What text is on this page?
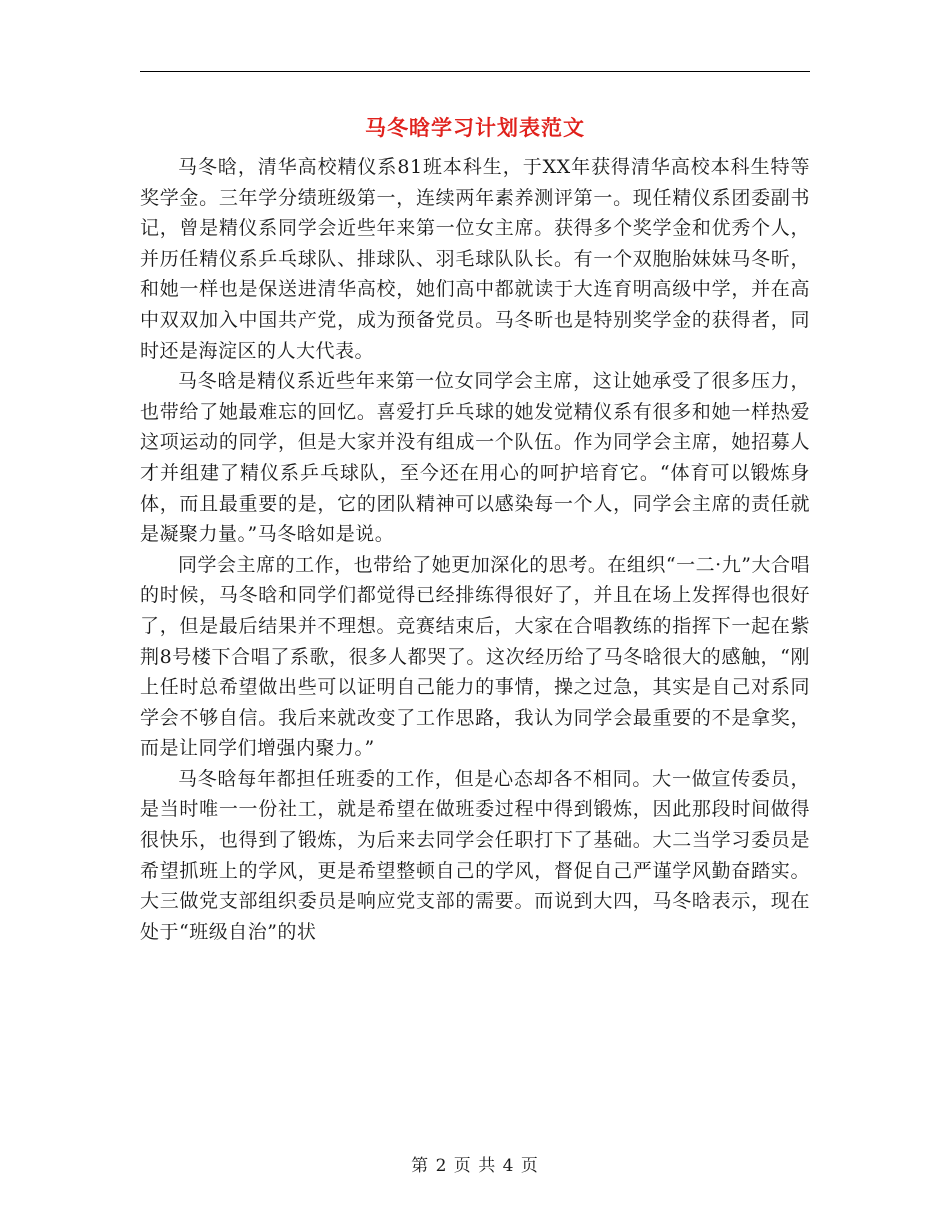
马冬晗学习计划表范文

马冬晗，清华高校精仪系81班本科生，于XX年获得清华高校本科生特等奖学金。三年学分绩班级第一，连续两年素养测评第一。现任精仪系团委副书记，曾是精仪系同学会近些年来第一位女主席。获得多个奖学金和优秀个人，并历任精仪系乒乓球队、排球队、羽毛球队队长。有一个双胞胎妹妹马冬昕，和她一样也是保送进清华高校，她们高中都就读于大连育明高级中学，并在高中双双加入中国共产党，成为预备党员。马冬昕也是特别奖学金的获得者，同时还是海淀区的人大代表。

马冬晗是精仪系近些年来第一位女同学会主席，这让她承受了很多压力，也带给了她最难忘的回忆。喜爱打乒乓球的她发觉精仪系有很多和她一样热爱这项运动的同学，但是大家并没有组成一个队伍。作为同学会主席，她招募人才并组建了精仪系乒乓球队，至今还在用心的呵护培育它。“体育可以锻炼身体，而且最重要的是，它的团队精神可以感染每一个人，同学会主席的责任就是凝聚力量。”马冬晗如是说。

同学会主席的工作，也带给了她更加深化的思考。在组织“一二·九”大合唱的时候，马冬晗和同学们都觉得已经排练得很好了，并且在场上发挥得也很好了，但是最后结果并不理想。竞赛结束后，大家在合唱教练的指挥下一起在紫荆8号楼下合唱了系歌，很多人都哭了。这次经历给了马冬晗很大的感触，“刚上任时总希望做出些可以证明自己能力的事情，操之过急，其实是自己对系同学会不够自信。我后来就改变了工作思路，我认为同学会最重要的不是拿奖，而是让同学们增强内聚力。”

马冬晗每年都担任班委的工作，但是心态却各不相同。大一做宣传委员，是当时唯一一份社工，就是希望在做班委过程中得到锻炼，因此那段时间做得很快乐，也得到了锻炼，为后来去同学会任职打下了基础。大二当学习委员是希望抓班上的学风，更是希望整顿自己的学风，督促自己严谨学风勤奋踏实。大三做党支部组织委员是响应党支部的需要。而说到大四，马冬晗表示，现在处于“班级自治”的状

第 2 页 共 4 页
